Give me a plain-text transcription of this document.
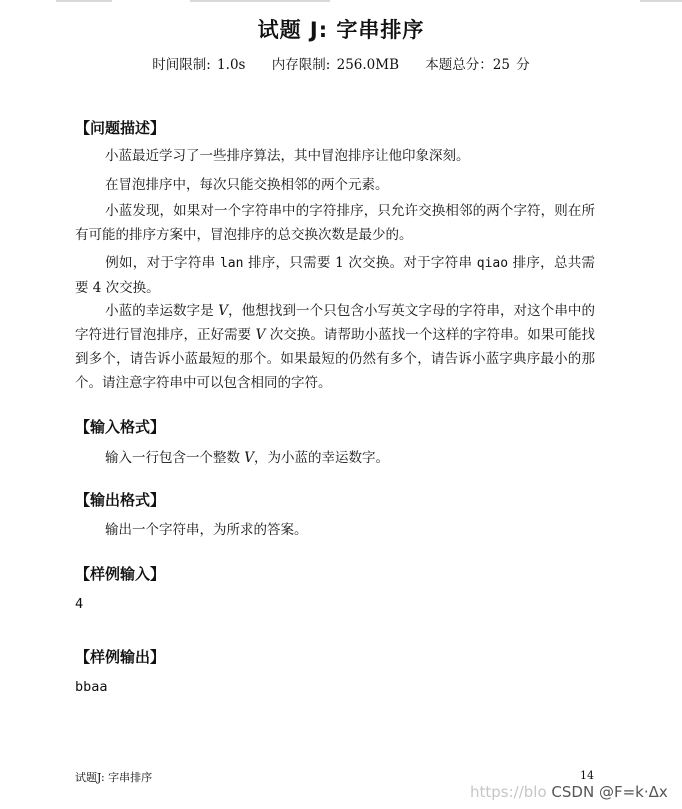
试题 J: 字串排序
时间限制: 1.0s 内存限制: 256.0MB 本题总分：25 分
【问题描述】
小蓝最近学习了一些排序算法，其中冒泡排序让他印象深刻。
在冒泡排序中，每次只能交换相邻的两个元素。
小蓝发现，如果对一个字符串中的字符排序，只允许交换相邻的两个字符，则在所有可能的排序方案中，冒泡排序的总交换次数是最少的。
例如，对于字符串 lan 排序，只需要 1 次交换。对于字符串 qiao 排序，总共需要 4 次交换。
小蓝的幸运数字是 V，他想找到一个只包含小写英文字母的字符串，对这个串中的字符进行冒泡排序，正好需要 V 次交换。请帮助小蓝找一个这样的字符串。如果可能找到多个，请告诉小蓝最短的那个。如果最短的仍然有多个，请告诉小蓝字典序最小的那个。请注意字符串中可以包含相同的字符。
【输入格式】
输入一行包含一个整数 V，为小蓝的幸运数字。
【输出格式】
输出一个字符串，为所求的答案。
【样例输入】
4
【样例输出】
bbaa
试题J: 字串排序	14
https://blo CSDN @F=k·Δx
